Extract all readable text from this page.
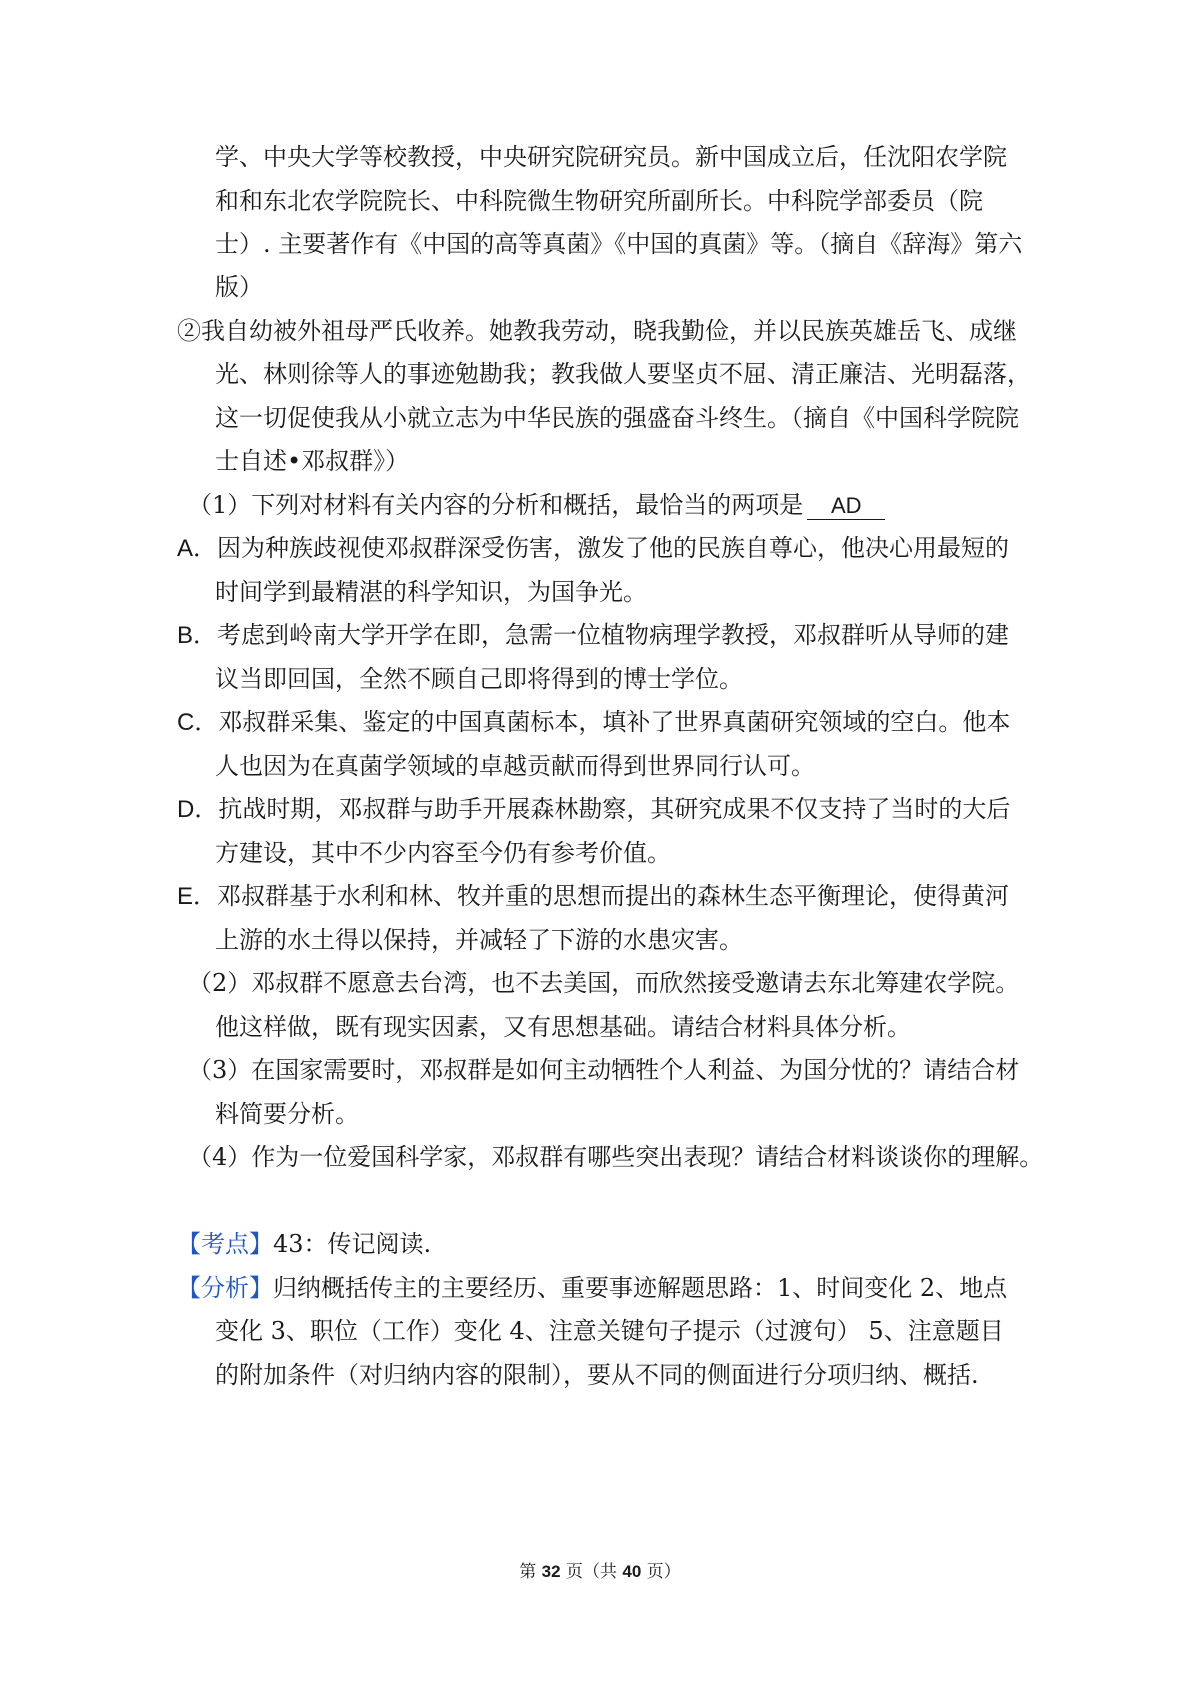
学、中央大学等校教授，中央研究院研究员。新中国成立后，任沈阳农学院
和和东北农学院院长、中科院微生物研究所副所长。中科院学部委员（院
士）. 主要著作有《中国的高等真菌》《中国的真菌》等。（摘自《辞海》第六
版）
②我自幼被外祖母严氏收养。她教我劳动，晓我勤俭，并以民族英雄岳飞、成继
光、林则徐等人的事迹勉勘我；教我做人要坚贞不屈、清正廉洁、光明磊落，
这一切促使我从小就立志为中华民族的强盛奋斗终生。（摘自《中国科学院院
士自述•邓叔群》）
（1）下列对材料有关内容的分析和概括，最恰当的两项是 AD
A．因为种族歧视使邓叔群深受伤害，激发了他的民族自尊心，他决心用最短的
时间学到最精湛的科学知识，为国争光。
B．考虑到岭南大学开学在即，急需一位植物病理学教授，邓叔群听从导师的建
议当即回国，全然不顾自己即将得到的博士学位。
C．邓叔群采集、鉴定的中国真菌标本，填补了世界真菌研究领域的空白。他本
人也因为在真菌学领域的卓越贡献而得到世界同行认可。
D．抗战时期，邓叔群与助手开展森林勘察，其研究成果不仅支持了当时的大后
方建设，其中不少内容至今仍有参考价值。
E．邓叔群基于水利和林、牧并重的思想而提出的森林生态平衡理论，使得黄河
上游的水土得以保持，并减轻了下游的水患灾害。
（2）邓叔群不愿意去台湾，也不去美国，而欣然接受邀请去东北筹建农学院。
他这样做，既有现实因素，又有思想基础。请结合材料具体分析。
（3）在国家需要时，邓叔群是如何主动牺牲个人利益、为国分忧的？请结合材
料简要分析。
（4）作为一位爱国科学家，邓叔群有哪些突出表现？请结合材料谈谈你的理解。
【考点】43：传记阅读.
【分析】归纳概括传主的主要经历、重要事迹解题思路：1、时间变化 2、地点
变化 3、职位（工作）变化 4、注意关键句子提示（过渡句） 5、注意题目
的附加条件（对归纳内容的限制），要从不同的侧面进行分项归纳、概括.
第 32 页（共 40 页）
